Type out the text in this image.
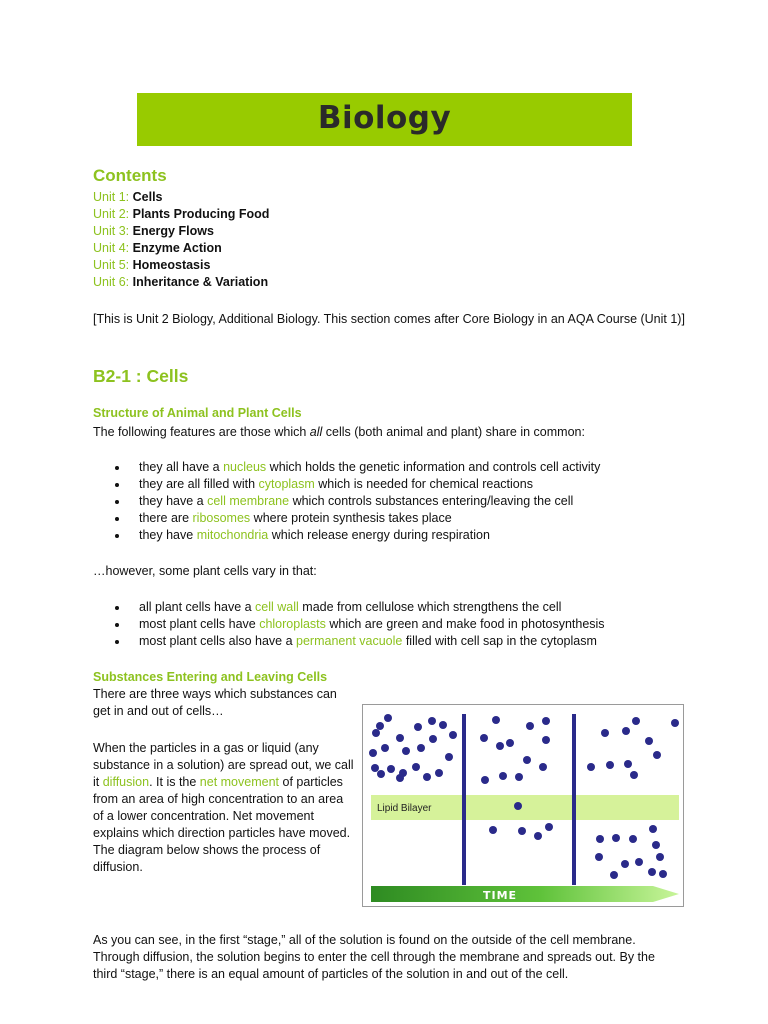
Biology
Contents
Unit 1: Cells
Unit 2: Plants Producing Food
Unit 3: Energy Flows
Unit 4: Enzyme Action
Unit 5: Homeostasis
Unit 6: Inheritance & Variation
[This is Unit 2 Biology, Additional Biology. This section comes after Core Biology in an AQA Course (Unit 1)]
B2-1 : Cells
Structure of Animal and Plant Cells
The following features are those which all cells (both animal and plant) share in common:
they all have a nucleus which holds the genetic information and controls cell activity
they are all filled with cytoplasm which is needed for chemical reactions
they have a cell membrane which controls substances entering/leaving the cell
there are ribosomes where protein synthesis takes place
they have mitochondria which release energy during respiration
…however, some plant cells vary in that:
all plant cells have a cell wall made from cellulose which strengthens the cell
most plant cells have chloroplasts which are green and make food in photosynthesis
most plant cells also have a permanent vacuole filled with cell sap in the cytoplasm
Substances Entering and Leaving Cells
There are three ways which substances can get in and out of cells…
When the particles in a gas or liquid (any substance in a solution) are spread out, we call it diffusion. It is the net movement of particles from an area of high concentration to an area of a lower concentration. Net movement explains which direction particles have moved. The diagram below shows the process of diffusion.
Lipid Bilayer
TIME
As you can see, in the first “stage,” all of the solution is found on the outside of the cell membrane. Through diffusion, the solution begins to enter the cell through the membrane and spreads out. By the third “stage,” there is an equal amount of particles of the solution in and out of the cell.
